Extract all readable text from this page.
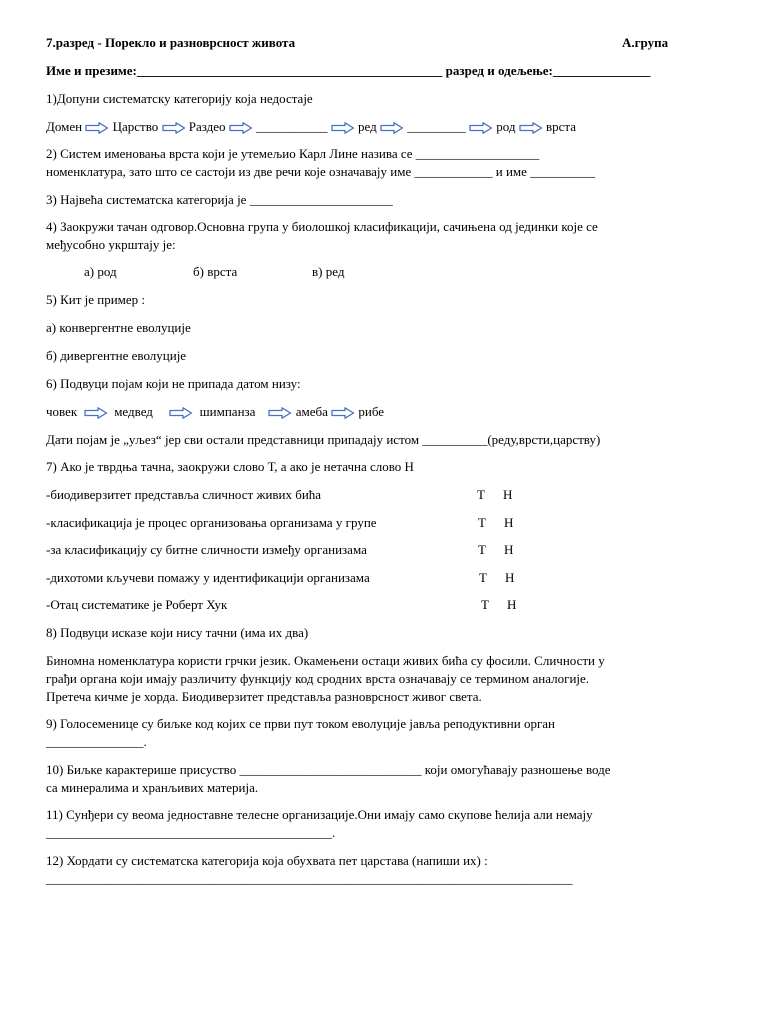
7.разред - Порекло и разноврсност живота	А.група
Име и презиме:_______________________________________________ разред и одељење:_______________
1)Допуни систематску категорију која недостаје
Домен Царство Раздео ___________ ред _________ род врста
2) Систем именовања врста који је утемељио Карл Лине назива се ___________________
номенклатура, зато што се састоји из две речи које означавају име ____________ и име __________
3) Највећа систематска категорија је ______________________
4) Заокружи тачан одговор.Основна група у биолошкој класификацији, сачињена од јединки које се
међусобно укрштају је:
а) род	б) врста	в) ред
5) Кит је пример :
а) конвергентне еволуције
б) дивергентне еволуције
6) Подвуци појам који не припада датом низу:
човек	медвед	шимпанза	амеба рибе
Дати појам је „уљез“ јер сви остали представници припадају истом __________(реду,врсти,царству)
7) Ако је тврдња тачна, заокружи слово Т, а ако је нетачна слово Н
-биодиверзитет представља сличност живих бића	Т Н
-класификација је процес организовања организама у групе	Т Н
-за класификацију су битне сличности између организама	Т Н
-дихотоми кључеви помажу у идентификацији организама	Т Н
-Отац систематике је Роберт Хук	Т Н
8) Подвуци исказе који нису тачни (има их два)
Биномна номенклатура користи грчки језик. Окамењени остаци живих бића су фосили. Сличности у
грађи органа који имају различиту функцију код сродних врста означавају се термином аналогије.
Претеча кичме је хорда. Биодиверзитет представља разноврсност живог света.
9) Голосеменице су биљке код којих се први пут током еволуције јавља реподуктивни орган
_______________.
10) Биљке карактерише присуство ____________________________ који омогућавају разношење воде
са минералима и хранљивих материја.
11) Сунђери су веома једноставне телесне организације.Они имају само скупове ћелија али немају
____________________________________________.
12) Хордати су систематска категорија која обухвата пет царстава (напиши их) :
_________________________________________________________________________________
